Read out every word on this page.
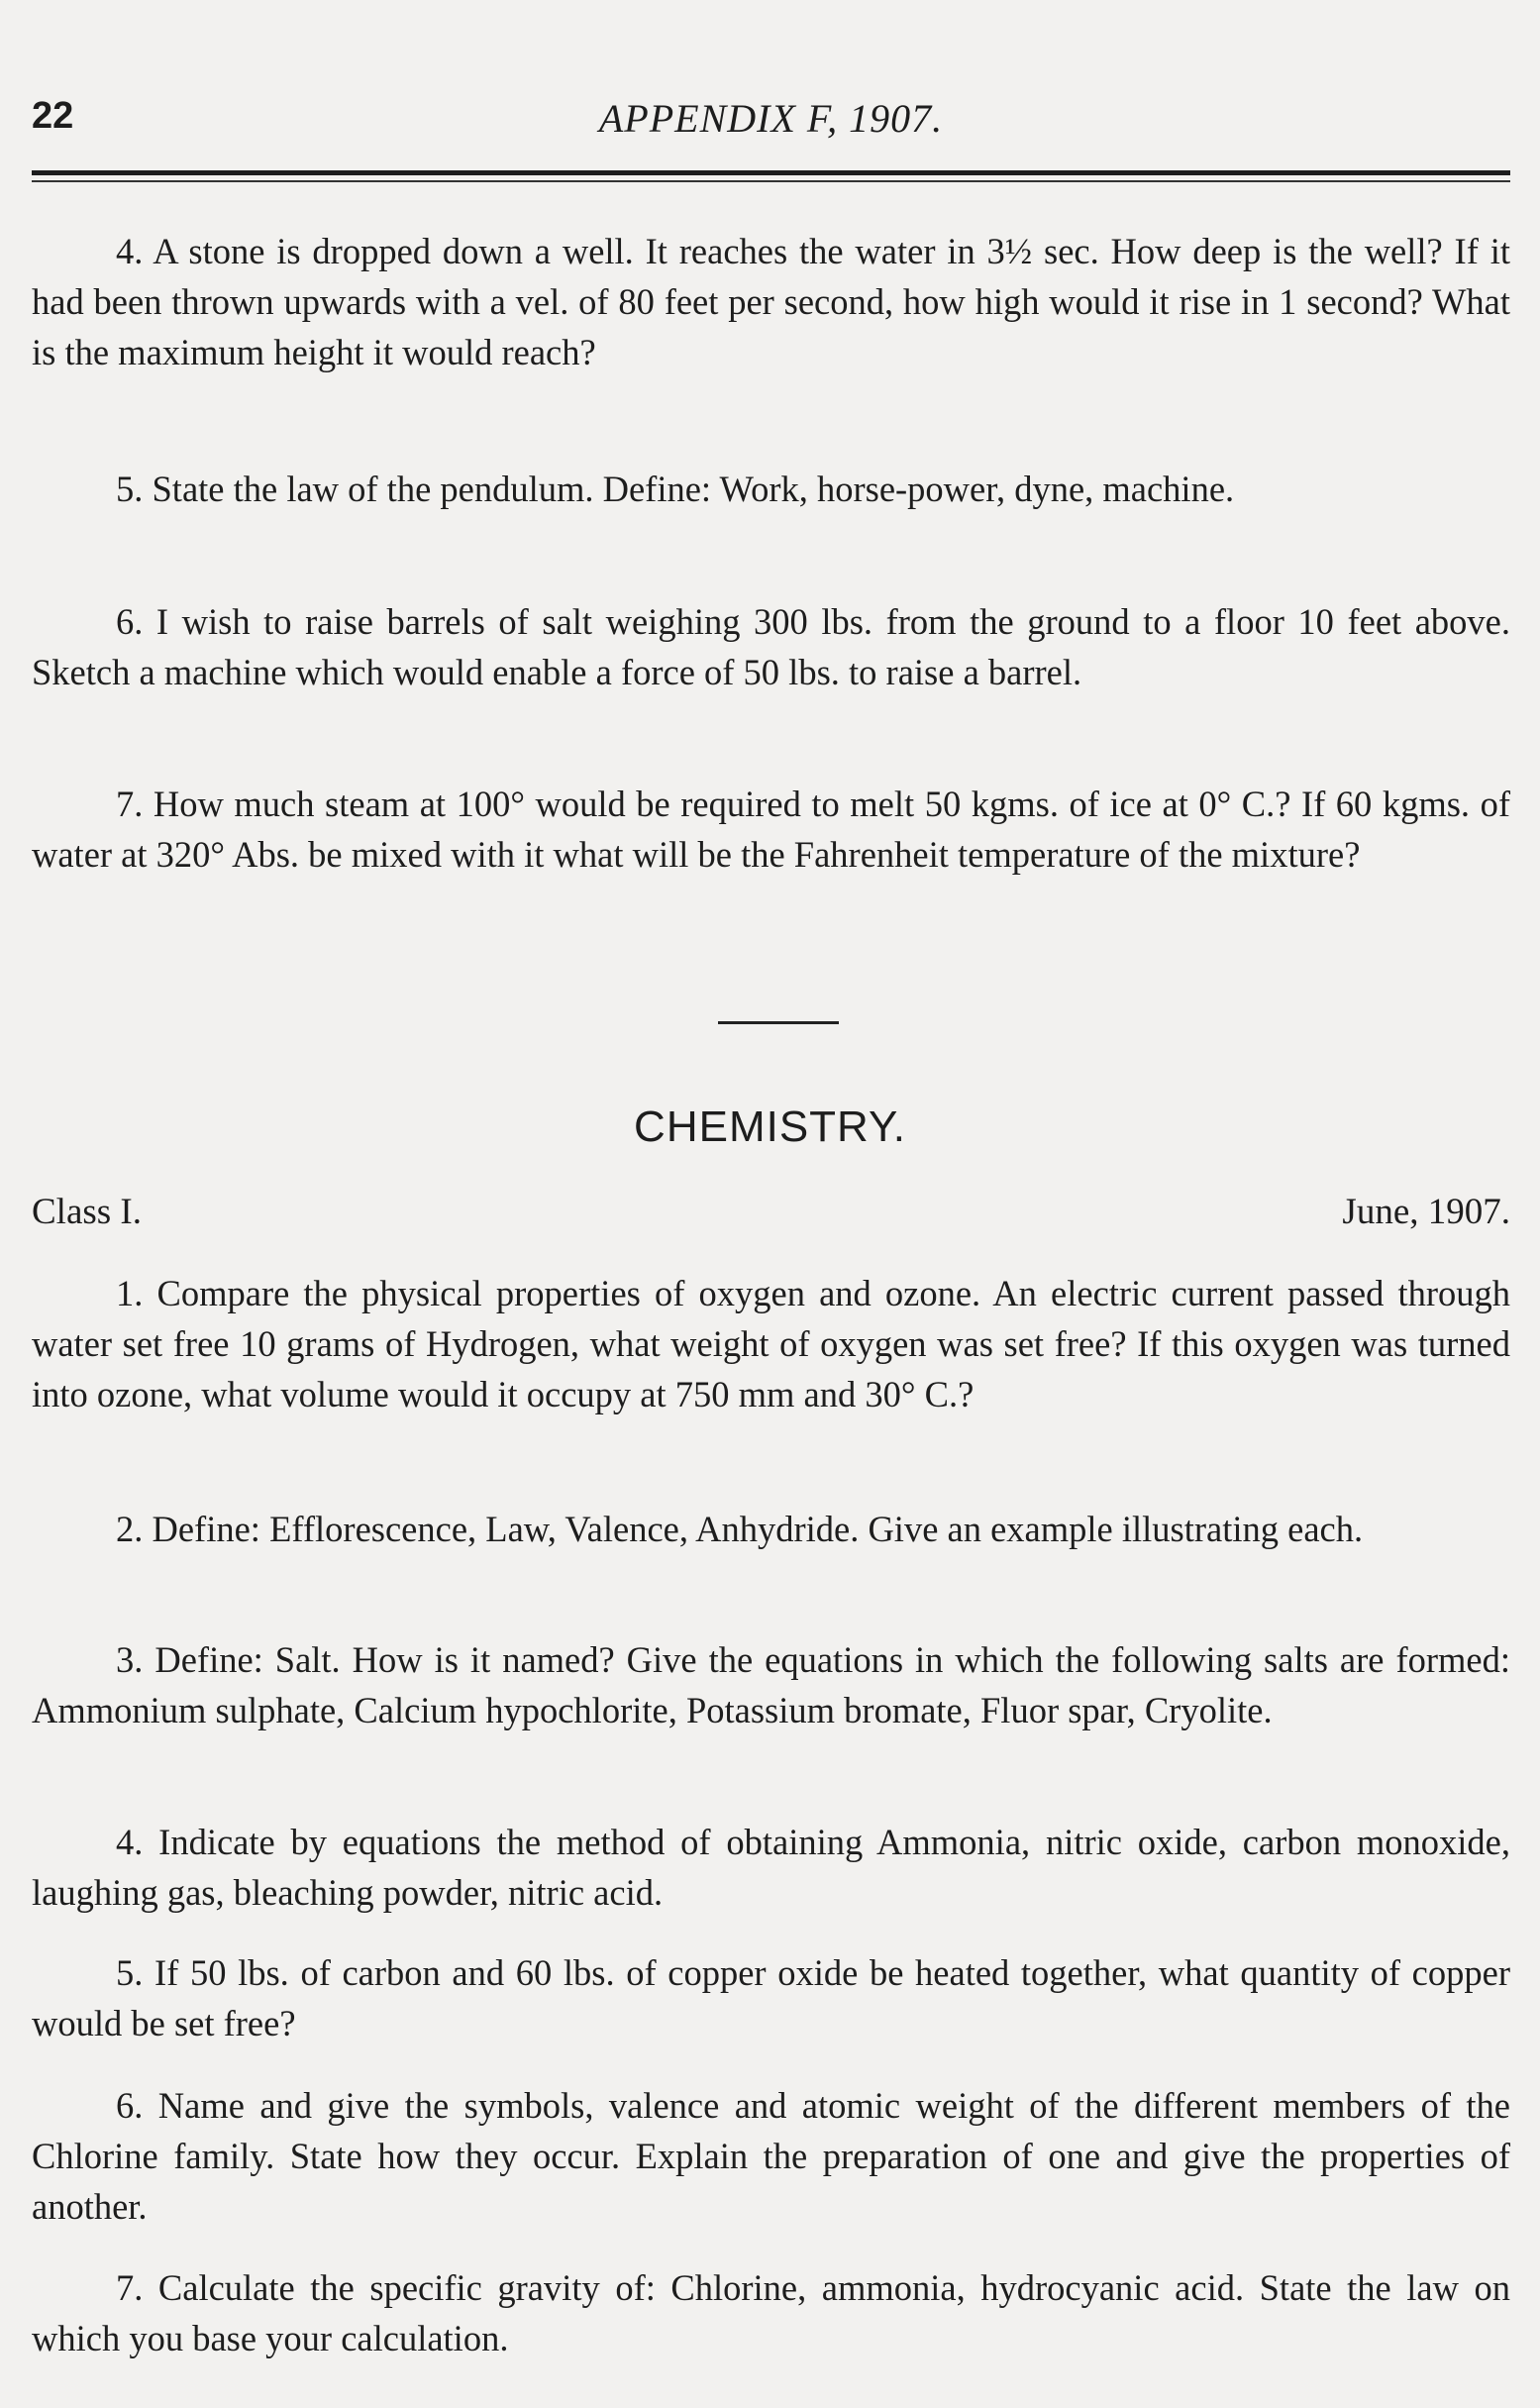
22	APPENDIX F, 1907.

4. A stone is dropped down a well. It reaches the water in 3½ sec. How deep is the well? If it had been thrown upwards with a vel. of 80 feet per second, how high would it rise in 1 second? What is the maximum height it would reach?

5. State the law of the pendulum. Define: Work, horse-power, dyne, machine.

6. I wish to raise barrels of salt weighing 300 lbs. from the ground to a floor 10 feet above. Sketch a machine which would enable a force of 50 lbs. to raise a barrel.

7. How much steam at 100° would be required to melt 50 kgms. of ice at 0° C.? If 60 kgms. of water at 320° Abs. be mixed with it what will be the Fahrenheit temperature of the mixture?

CHEMISTRY.
Class I.	June, 1907.

1. Compare the physical properties of oxygen and ozone. An electric current passed through water set free 10 grams of Hydrogen, what weight of oxygen was set free? If this oxygen was turned into ozone, what volume would it occupy at 750 mm and 30° C.?

2. Define: Efflorescence, Law, Valence, Anhydride. Give an example illustrating each.

3. Define: Salt. How is it named? Give the equations in which the following salts are formed: Ammonium sulphate, Calcium hypochlorite, Potassium bromate, Fluor spar, Cryolite.

4. Indicate by equations the method of obtaining Ammonia, nitric oxide, carbon monoxide, laughing gas, bleaching powder, nitric acid.

5. If 50 lbs. of carbon and 60 lbs. of copper oxide be heated together, what quantity of copper would be set free?

6. Name and give the symbols, valence and atomic weight of the different members of the Chlorine family. State how they occur. Explain the preparation of one and give the properties of another.

7. Calculate the specific gravity of: Chlorine, ammonia, hydrocyanic acid. State the law on which you base your calculation.
